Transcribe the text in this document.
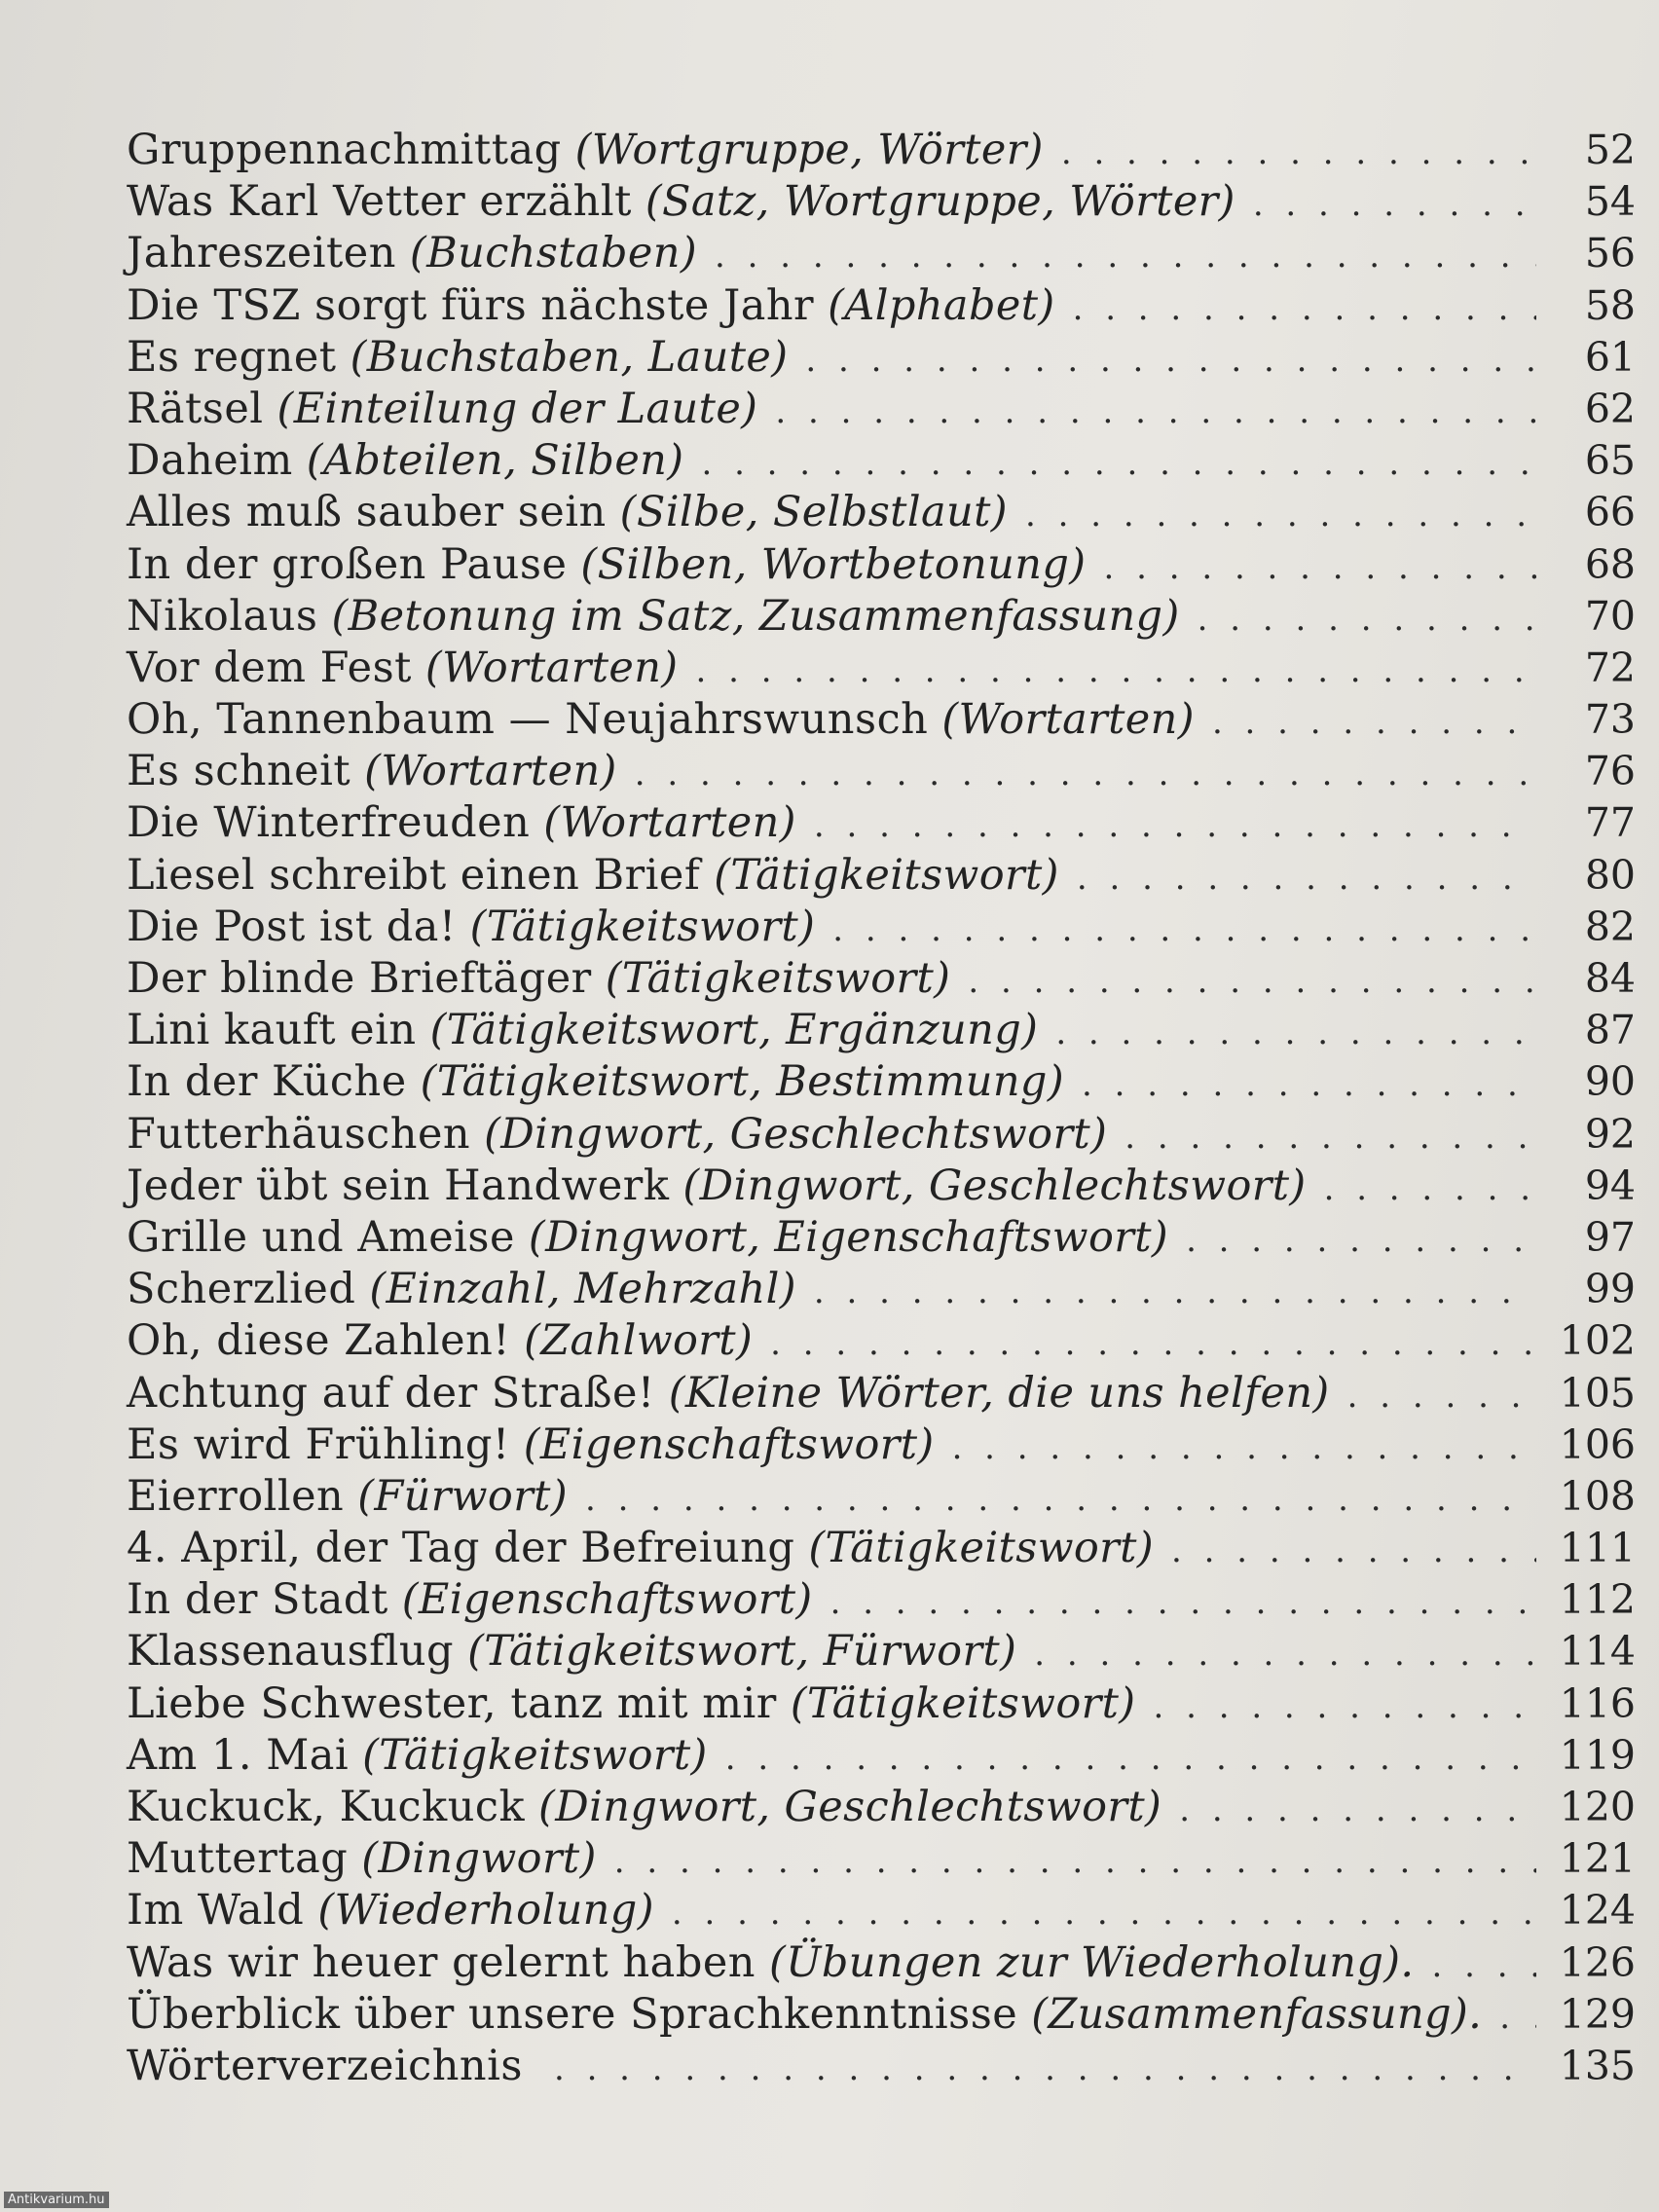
Gruppennachmittag (Wortgruppe, Wörter) . . .	52
Was Karl Vetter erzählt (Satz, Wortgruppe, Wörter) . . .	54
Jahreszeiten (Buchstaben) . . .	56
Die TSZ sorgt fürs nächste Jahr (Alphabet) . . .	58
Es regnet (Buchstaben, Laute) . . .	61
Rätsel (Einteilung der Laute) . . .	62
Daheim (Abteilen, Silben) . . .	65
Alles muß sauber sein (Silbe, Selbstlaut) . . .	66
In der großen Pause (Silben, Wortbetonung) . . .	68
Nikolaus (Betonung im Satz, Zusammenfassung) . . .	70
Vor dem Fest (Wortarten) . . .	72
Oh, Tannenbaum — Neujahrswunsch (Wortarten) . . .	73
Es schneit (Wortarten) . . .	76
Die Winterfreuden (Wortarten) . . .	77
Liesel schreibt einen Brief (Tätigkeitswort) . . .	80
Die Post ist da! (Tätigkeitswort) . . .	82
Der blinde Brieftäger (Tätigkeitswort) . . .	84
Lini kauft ein (Tätigkeitswort, Ergänzung) . . .	87
In der Küche (Tätigkeitswort, Bestimmung) . . .	90
Futterhäuschen (Dingwort, Geschlechtswort) . . .	92
Jeder übt sein Handwerk (Dingwort, Geschlechtswort) . . .	94
Grille und Ameise (Dingwort, Eigenschaftswort) . . .	97
Scherzlied (Einzahl, Mehrzahl) . . .	99
Oh, diese Zahlen! (Zahlwort) . . .	102
Achtung auf der Straße! (Kleine Wörter, die uns helfen) . . .	105
Es wird Frühling! (Eigenschaftswort) . . .	106
Eierrollen (Fürwort) . . .	108
4. April, der Tag der Befreiung (Tätigkeitswort) . . .	111
In der Stadt (Eigenschaftswort) . . .	112
Klassenausflug (Tätigkeitswort, Fürwort) . . .	114
Liebe Schwester, tanz mit mir (Tätigkeitswort) . . .	116
Am 1. Mai (Tätigkeitswort) . . .	119
Kuckuck, Kuckuck (Dingwort, Geschlechtswort) . . .	120
Muttertag (Dingwort) . . .	121
Im Wald (Wiederholung) . . .	124
Was wir heuer gelernt haben (Übungen zur Wiederholung). . . .	126
Überblick über unsere Sprachkenntnisse (Zusammenfassung). . . . 129
Wörterverzeichnis . . .	135
Antikvarium.hu
